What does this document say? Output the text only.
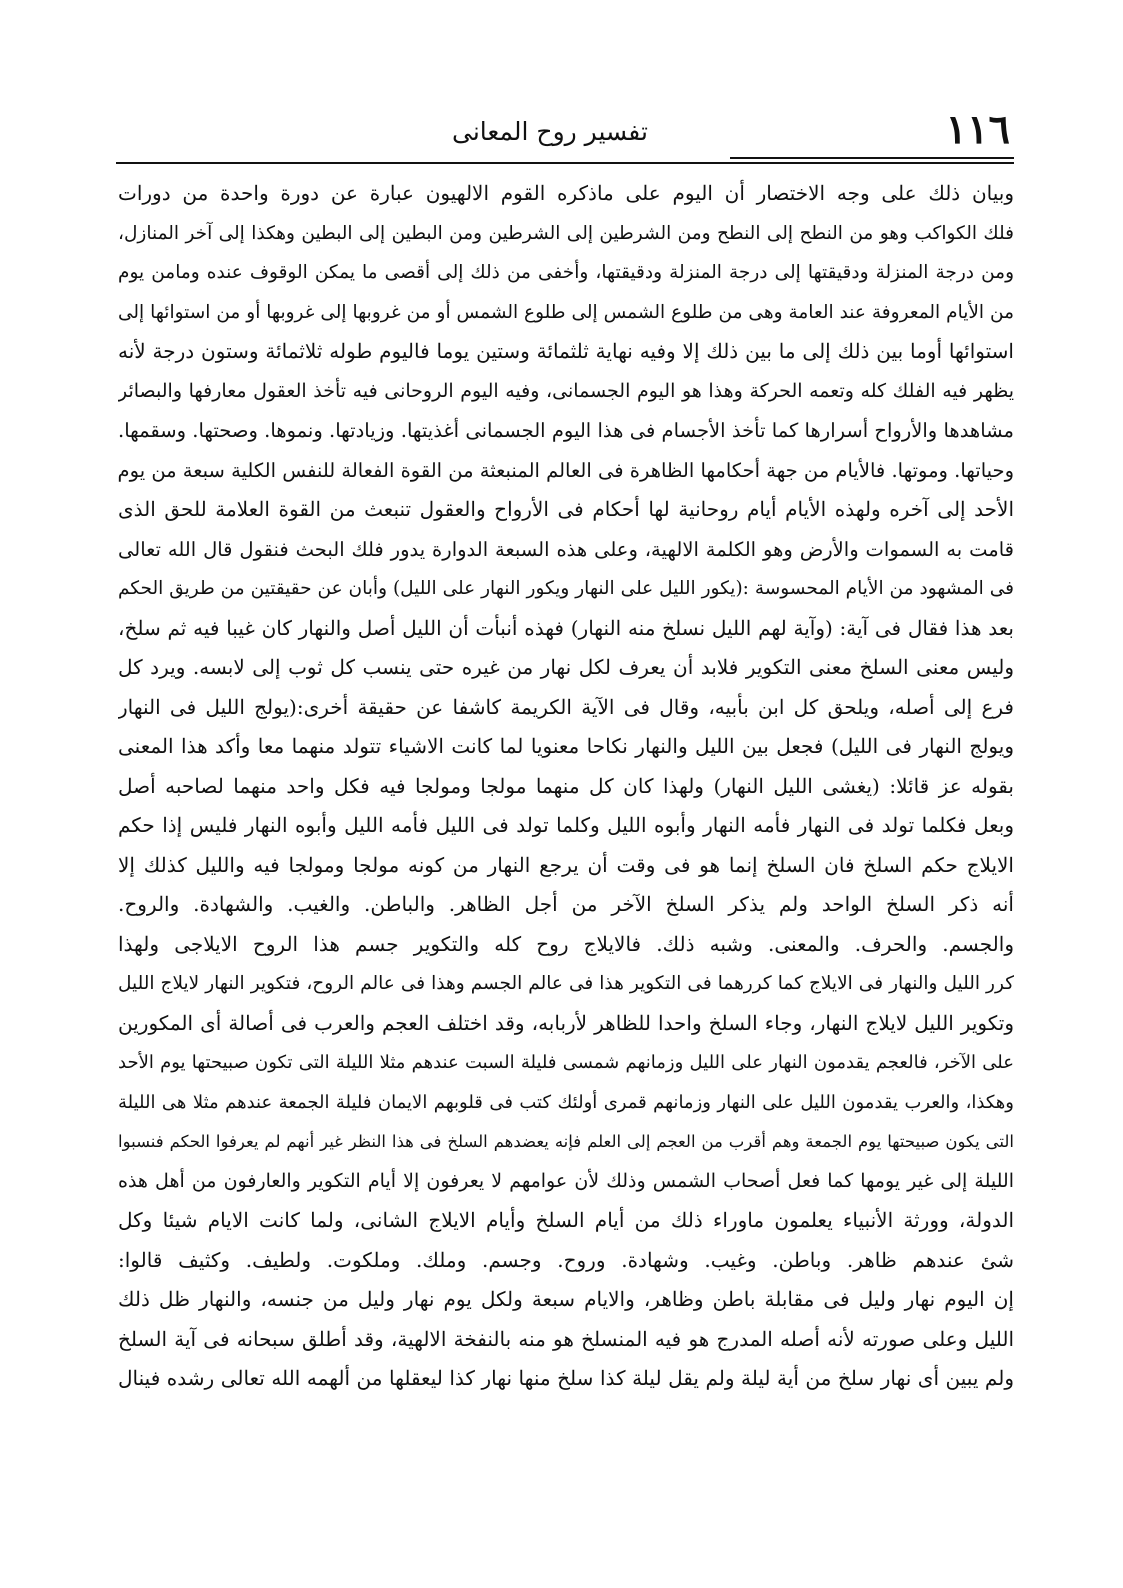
١١٦
تفسير روح المعانى
وبيان ذلك على وجه الاختصار أن اليوم على ماذكره القوم الالهيون عبارة عن دورة واحدة من دورات
فلك الكواكب وهو من النطح إلى النطح ومن الشرطين إلى الشرطين ومن البطين إلى البطين وهكذا إلى آخر المنازل،
ومن درجة المنزلة ودقيقتها إلى درجة المنزلة ودقيقتها، وأخفى من ذلك إلى أقصى ما يمكن الوقوف عنده ومامن يوم
من الأيام المعروفة عند العامة وهى من طلوع الشمس إلى طلوع الشمس أو من غروبها إلى غروبها أو من استوائها إلى
استوائها أوما بين ذلك إلى ما بين ذلك إلا وفيه نهاية ثلثمائة وستين يوما فاليوم طوله ثلاثمائة وستون درجة لأنه
يظهر فيه الفلك كله وتعمه الحركة وهذا هو اليوم الجسمانى، وفيه اليوم الروحانى فيه تأخذ العقول معارفها والبصائر
مشاهدها والأرواح أسرارها كما تأخذ الأجسام فى هذا اليوم الجسمانى أغذيتها. وزيادتها. ونموها. وصحتها. وسقمها.
وحياتها. وموتها. فالأيام من جهة أحكامها الظاهرة فى العالم المنبعثة من القوة الفعالة للنفس الكلية سبعة من يوم
الأحد إلى آخره ولهذه الأيام أيام روحانية لها أحكام فى الأرواح والعقول تنبعث من القوة العلامة للحق الذى
قامت به السموات والأرض وهو الكلمة الالهية، وعلى هذه السبعة الدوارة يدور فلك البحث فنقول قال الله تعالى
فى المشهود من الأيام المحسوسة :(يكور الليل على النهار ويكور النهار على الليل) وأبان عن حقيقتين من طريق الحكم
بعد هذا فقال فى آية: (وآية لهم الليل نسلخ منه النهار) فهذه أنبأت أن الليل أصل والنهار كان غيبا فيه ثم سلخ،
وليس معنى السلخ معنى التكوير فلابد أن يعرف لكل نهار من غيره حتى ينسب كل ثوب إلى لابسه. ويرد كل
فرع إلى أصله، ويلحق كل ابن بأبيه، وقال فى الآية الكريمة كاشفا عن حقيقة أخرى:(يولج الليل فى النهار
ويولج النهار فى الليل) فجعل بين الليل والنهار نكاحا معنويا لما كانت الاشياء تتولد منهما معا وأكد هذا المعنى
بقوله عز قائلا: (يغشى الليل النهار) ولهذا كان كل منهما مولجا ومولجا فيه فكل واحد منهما لصاحبه أصل
وبعل فكلما تولد فى النهار فأمه النهار وأبوه الليل وكلما تولد فى الليل فأمه الليل وأبوه النهار فليس إذا حكم
الايلاج حكم السلخ فان السلخ إنما هو فى وقت أن يرجع النهار من كونه مولجا ومولجا فيه والليل كذلك إلا
أنه ذكر السلخ الواحد ولم يذكر السلخ الآخر من أجل الظاهر. والباطن. والغيب. والشهادة. والروح.
والجسم. والحرف. والمعنى. وشبه ذلك. فالايلاج روح كله والتكوير جسم هذا الروح الايلاجى ولهذا
كرر الليل والنهار فى الايلاج كما كررهما فى التكوير هذا فى عالم الجسم وهذا فى عالم الروح، فتكوير النهار لايلاج الليل
وتكوير الليل لايلاج النهار، وجاء السلخ واحدا للظاهر لأربابه، وقد اختلف العجم والعرب فى أصالة أى المكورين
على الآخر، فالعجم يقدمون النهار على الليل وزمانهم شمسى فليلة السبت عندهم مثلا الليلة التى تكون صبيحتها يوم الأحد
وهكذا، والعرب يقدمون الليل على النهار وزمانهم قمرى أولئك كتب فى قلوبهم الايمان فليلة الجمعة عندهم مثلا هى الليلة
التى يكون صبيحتها يوم الجمعة وهم أقرب من العجم إلى العلم فإنه يعضدهم السلخ فى هذا النظر غير أنهم لم يعرفوا الحكم فنسبوا
الليلة إلى غير يومها كما فعل أصحاب الشمس وذلك لأن عوامهم لا يعرفون إلا أيام التكوير والعارفون من أهل هذه
الدولة، وورثة الأنبياء يعلمون ماوراء ذلك من أيام السلخ وأيام الايلاج الشانى، ولما كانت الايام شيئا وكل
شئ عندهم ظاهر. وباطن. وغيب. وشهادة. وروح. وجسم. وملك. وملكوت. ولطيف. وكثيف قالوا:
إن اليوم نهار وليل فى مقابلة باطن وظاهر، والايام سبعة ولكل يوم نهار وليل من جنسه، والنهار ظل ذلك
الليل وعلى صورته لأنه أصله المدرج هو فيه المنسلخ هو منه بالنفخة الالهية، وقد أطلق سبحانه فى آية السلخ
ولم يبين أى نهار سلخ من أية ليلة ولم يقل ليلة كذا سلخ منها نهار كذا ليعقلها من ألهمه الله تعالى رشده فينال
